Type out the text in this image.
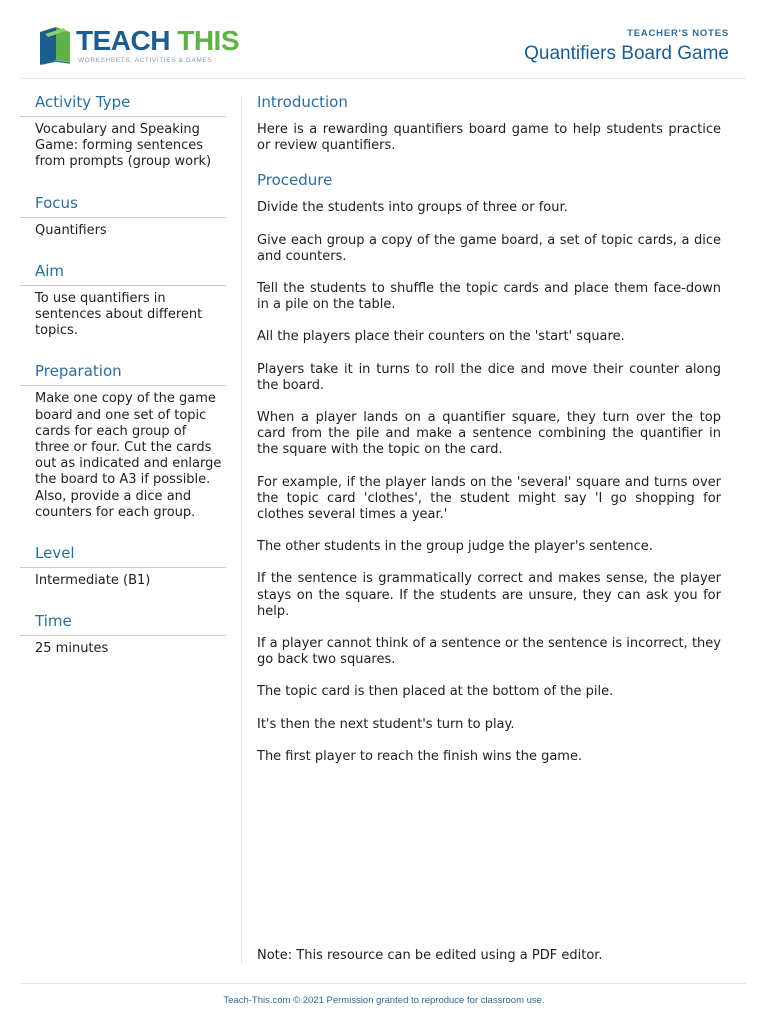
TEACH THIS
WORKSHEETS, ACTIVITIES & GAMES
TEACHER'S NOTES
Quantifiers Board Game
Activity Type
Vocabulary and Speaking Game: forming sentences from prompts (group work)
Focus
Quantifiers
Aim
To use quantifiers in sentences about different topics.
Preparation
Make one copy of the game board and one set of topic cards for each group of three or four. Cut the cards out as indicated and enlarge the board to A3 if possible. Also, provide a dice and counters for each group.
Level
Intermediate (B1)
Time
25 minutes
Introduction

Here is a rewarding quantifiers board game to help students practice or review quantifiers.

Procedure

Divide the students into groups of three or four.

Give each group a copy of the game board, a set of topic cards, a dice and counters.

Tell the students to shuffle the topic cards and place them face-down in a pile on the table.

All the players place their counters on the 'start' square.

Players take it in turns to roll the dice and move their counter along the board.

When a player lands on a quantifier square, they turn over the top card from the pile and make a sentence combining the quantifier in the square with the topic on the card.

For example, if the player lands on the 'several' square and turns over the topic card 'clothes', the student might say 'I go shopping for clothes several times a year.'

The other students in the group judge the player's sentence.

If the sentence is grammatically correct and makes sense, the player stays on the square. If the students are unsure, they can ask you for help.

If a player cannot think of a sentence or the sentence is incorrect, they go back two squares.

The topic card is then placed at the bottom of the pile.

It's then the next student's turn to play.

The first player to reach the finish wins the game.

Note: This resource can be edited using a PDF editor.
Teach-This.com © 2021 Permission granted to reproduce for classroom use.
